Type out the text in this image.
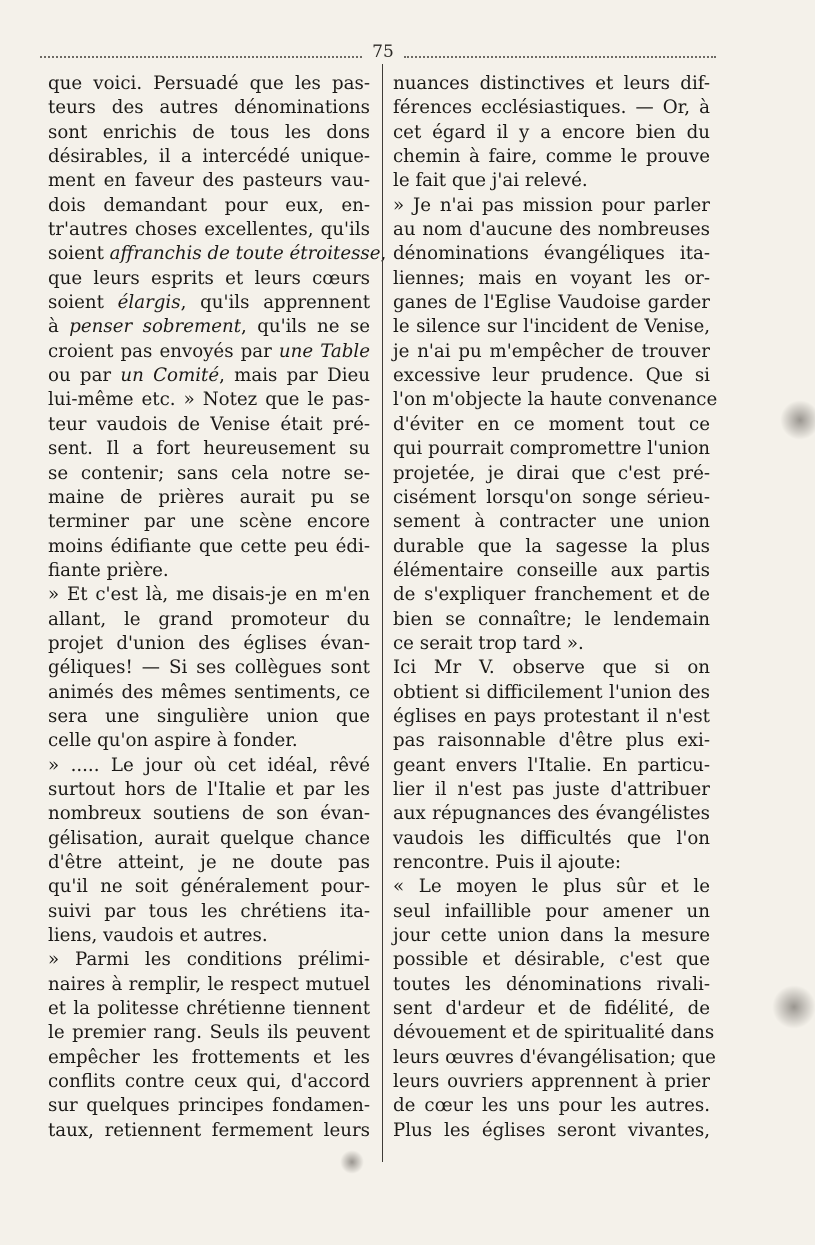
75
que voici. Persuadé que les pas-
teurs des autres dénominations
sont enrichis de tous les dons
désirables, il a intercédé unique-
ment en faveur des pasteurs vau-
dois demandant pour eux, en-
tr'autres choses excellentes, qu'ils
soient affranchis de toute étroitesse,
que leurs esprits et leurs cœurs
soient élargis, qu'ils apprennent
à penser sobrement, qu'ils ne se
croient pas envoyés par une Table
ou par un Comité, mais par Dieu
lui-même etc. » Notez que le pas-
teur vaudois de Venise était pré-
sent. Il a fort heureusement su
se contenir; sans cela notre se-
maine de prières aurait pu se
terminer par une scène encore
moins édifiante que cette peu édi-
fiante prière.
» Et c'est là, me disais-je en m'en
allant, le grand promoteur du
projet d'union des églises évan-
géliques! — Si ses collègues sont
animés des mêmes sentiments, ce
sera une singulière union que
celle qu'on aspire à fonder.
» ..... Le jour où cet idéal, rêvé
surtout hors de l'Italie et par les
nombreux soutiens de son évan-
gélisation, aurait quelque chance
d'être atteint, je ne doute pas
qu'il ne soit généralement pour-
suivi par tous les chrétiens ita-
liens, vaudois et autres.
» Parmi les conditions prélimi-
naires à remplir, le respect mutuel
et la politesse chrétienne tiennent
le premier rang. Seuls ils peuvent
empêcher les frottements et les
conflits contre ceux qui, d'accord
sur quelques principes fondamen-
taux, retiennent fermement leurs
nuances distinctives et leurs dif-
férences ecclésiastiques. — Or, à
cet égard il y a encore bien du
chemin à faire, comme le prouve
le fait que j'ai relevé.
» Je n'ai pas mission pour parler
au nom d'aucune des nombreuses
dénominations évangéliques ita-
liennes; mais en voyant les or-
ganes de l'Eglise Vaudoise garder
le silence sur l'incident de Venise,
je n'ai pu m'empêcher de trouver
excessive leur prudence. Que si
l'on m'objecte la haute convenance
d'éviter en ce moment tout ce
qui pourrait compromettre l'union
projetée, je dirai que c'est pré-
cisément lorsqu'on songe sérieu-
sement à contracter une union
durable que la sagesse la plus
élémentaire conseille aux partis
de s'expliquer franchement et de
bien se connaître; le lendemain
ce serait trop tard ».
Ici Mr V. observe que si on
obtient si difficilement l'union des
églises en pays protestant il n'est
pas raisonnable d'être plus exi-
geant envers l'Italie. En particu-
lier il n'est pas juste d'attribuer
aux répugnances des évangélistes
vaudois les difficultés que l'on
rencontre. Puis il ajoute:
« Le moyen le plus sûr et le
seul infaillible pour amener un
jour cette union dans la mesure
possible et désirable, c'est que
toutes les dénominations rivali-
sent d'ardeur et de fidélité, de
dévouement et de spiritualité dans
leurs œuvres d'évangélisation; que
leurs ouvriers apprennent à prier
de cœur les uns pour les autres.
Plus les églises seront vivantes,
